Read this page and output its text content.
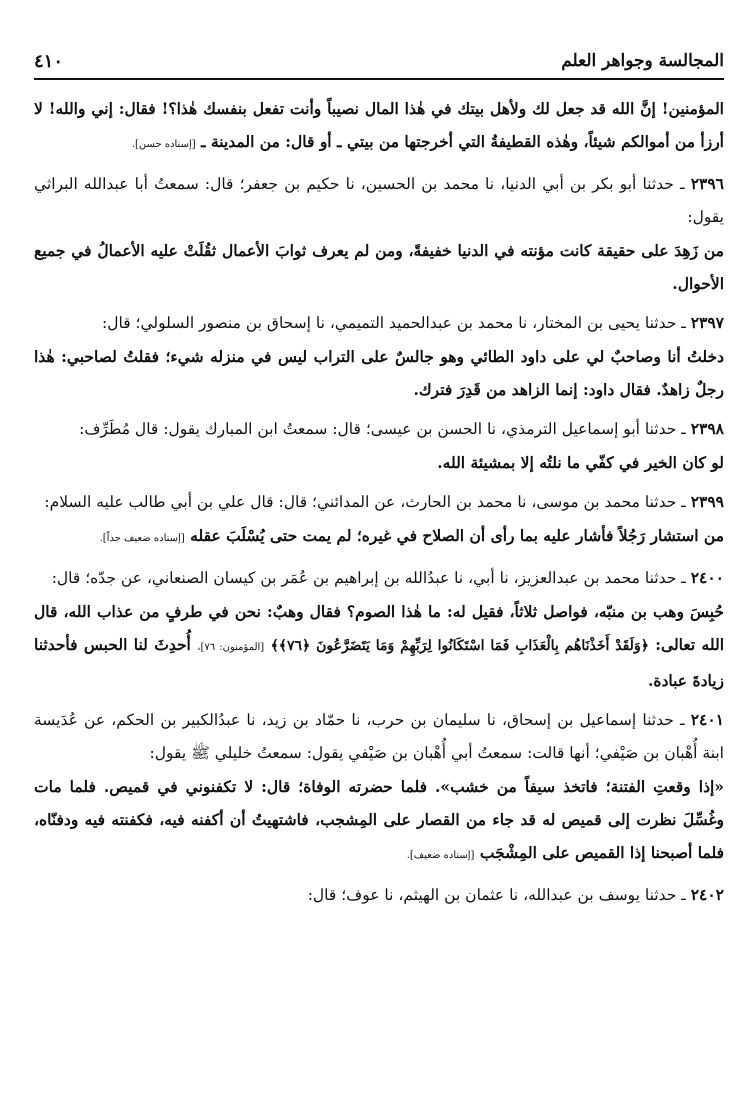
٤١٠	المجالسة وجواهر العلم

المؤمنين! إنَّ الله قد جعل لك ولأهل بيتك في هٰذا المال نصيباً وأنت تفعل بنفسك هٰذا؟! فقال: إني والله! لا أرزأ من أموالكم شيئاً، وهٰذه القطيفةُ التي أخرجتها من بيتي ـ أو قال: من المدينة ـ [إسناده حسن].

٢٣٩٦ ـ حدثنا أبو بكر بن أبي الدنيا، نا محمد بن الحسين، نا حكيم بن جعفر؛ قال: سمعتُ أبا عبدالله البراثي يقول:

من زَهِدَ على حقيقة كانت مؤنته في الدنيا خفيفةً، ومن لم يعرف ثوابَ الأعمال ثقُلَتْ عليه الأعمالُ في جميع الأحوال.

٢٣٩٧ ـ حدثنا يحيى بن المختار، نا محمد بن عبدالحميد التميمي، نا إسحاق بن منصور السلولي؛ قال:

دخلتُ أنا وصاحبٌ لي على داود الطائي وهو جالسٌ على التراب ليس في منزله شيء؛ فقلتُ لصاحبي: هٰذا رجلٌ زاهدٌ. فقال داود: إنما الزاهد من قَدِرَ فترك.

٢٣٩٨ ـ حدثنا أبو إسماعيل الترمذي، نا الحسن بن عيسى؛ قال: سمعتُ ابن المبارك يقول: قال مُطَرِّف:

لو كان الخير في كفّي ما نلتُه إلا بمشيئة الله.

٢٣٩٩ ـ حدثنا محمد بن موسى، نا محمد بن الحارث، عن المدائني؛ قال: قال علي بن أبي طالب عليه السلام:

من استشار رَجُلاً فأشار عليه بما رأى أن الصلاح في غيره؛ لم يمت حتى يُسْلَبَ عقله [إسناده ضعيف جداً].

٢٤٠٠ ـ حدثنا محمد بن عبدالعزيز، نا أبي، نا عبدُالله بن إبراهيم بن عُمَر بن كيسان الصنعاني، عن جدّه؛ قال:

حُبِسَ وهب بن منبّه، فواصل ثلاثاً، فقيل له: ما هٰذا الصوم؟ فقال وهبٌ: نحن في طرفٍ من عذاب الله، قال الله تعالى: ﴿وَلَقَدْ أَخَذْنَاهُم بِالْعَذَابِ فَمَا اسْتَكَانُوا لِرَبِّهِمْ وَمَا يَتَضَرَّعُونَ ﴿٧٦﴾﴾ [المؤمنون: ٧٦]، أُحدِثَ لنا الحبس فأحدثنا زيادةَ عبادة.

٢٤٠١ ـ حدثنا إسماعيل بن إسحاق، نا سليمان بن حرب، نا حمّاد بن زيد، نا عبدُالكبير بن الحكم، عن عُدَيسة ابنة أُهْبان بن صَيْفي؛ أنها قالت: سمعتُ أبي أُهْبان بن صَيْفي يقول: سمعتُ خليلي ﷺ يقول:

«إذا وقعتِ الفتنة؛ فاتخذ سيفاً من خشب». فلما حضرته الوفاة؛ قال: لا تكفنوني في قميص. فلما مات وغُسِّلَ نظرت إلى قميص له قد جاء من القصار على المِشجب، فاشتهيتُ أن أكفنه فيه، فكفنته فيه ودفنّاه، فلما أصبحنا إذا القميص على المِشْجَب [إسناده ضعيف].

٢٤٠٢ ـ حدثنا يوسف بن عبدالله، نا عثمان بن الهيثم، نا عوف؛ قال:
